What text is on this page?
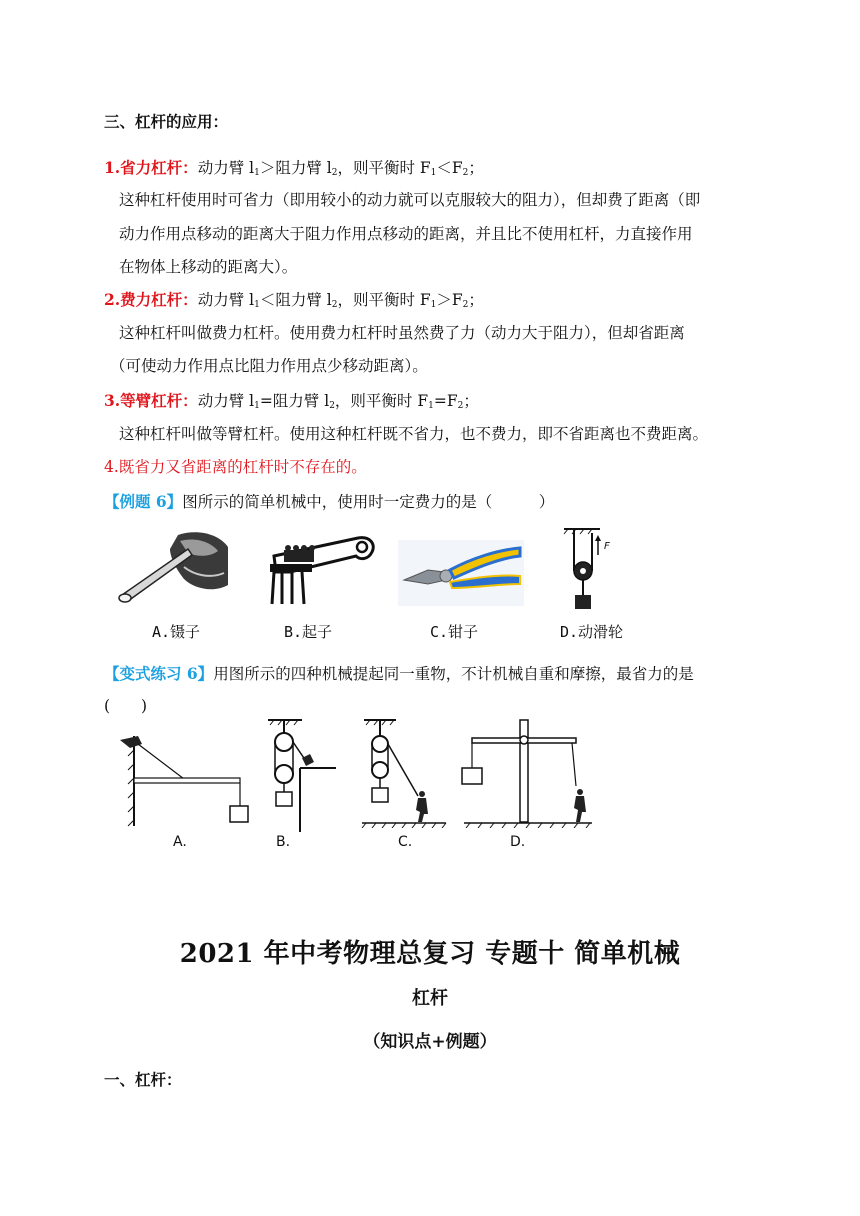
三、杠杆的应用：
1.省力杠杆：动力臂 $l_1>$阻力臂 $l_2$，则平衡时 $F_1<F_2$；
这种杠杆使用时可省力（即用较小的动力就可以克服较大的阻力），但却费了距离（即
动力作用点移动的距离大于阻力作用点移动的距离，并且比不使用杠杆，力直接作用
在物体上移动的距离大）。
2.费力杠杆：动力臂 $l_1<$阻力臂 $l_2$，则平衡时 $F_1>F_2$；
这种杠杆叫做费力杠杆。使用费力杠杆时虽然费了力（动力大于阻力），但却省距离
（可使动力作用点比阻力作用点少移动距离）。
3.等臂杠杆：动力臂 $l_1=$阻力臂 $l_2$，则平衡时 $F_1=F_2$；
这种杠杆叫做等臂杠杆。使用这种杠杆既不省力，也不费力，即不省距离也不费距离。
4.既省力又省距离的杠杆时不存在的。
【例题 6】图所示的简单机械中，使用时一定费力的是（　　　）
A.镊子	B.起子	C.钳子
F
D.动滑轮
【变式练习 6】用图所示的四种机械提起同一重物，不计机械自重和摩擦，最省力的是
(　　)
A.	B.	C.	D.
2021 年中考物理总复习 专题十 简单机械
杠杆
（知识点+例题）
一、杠杆：
